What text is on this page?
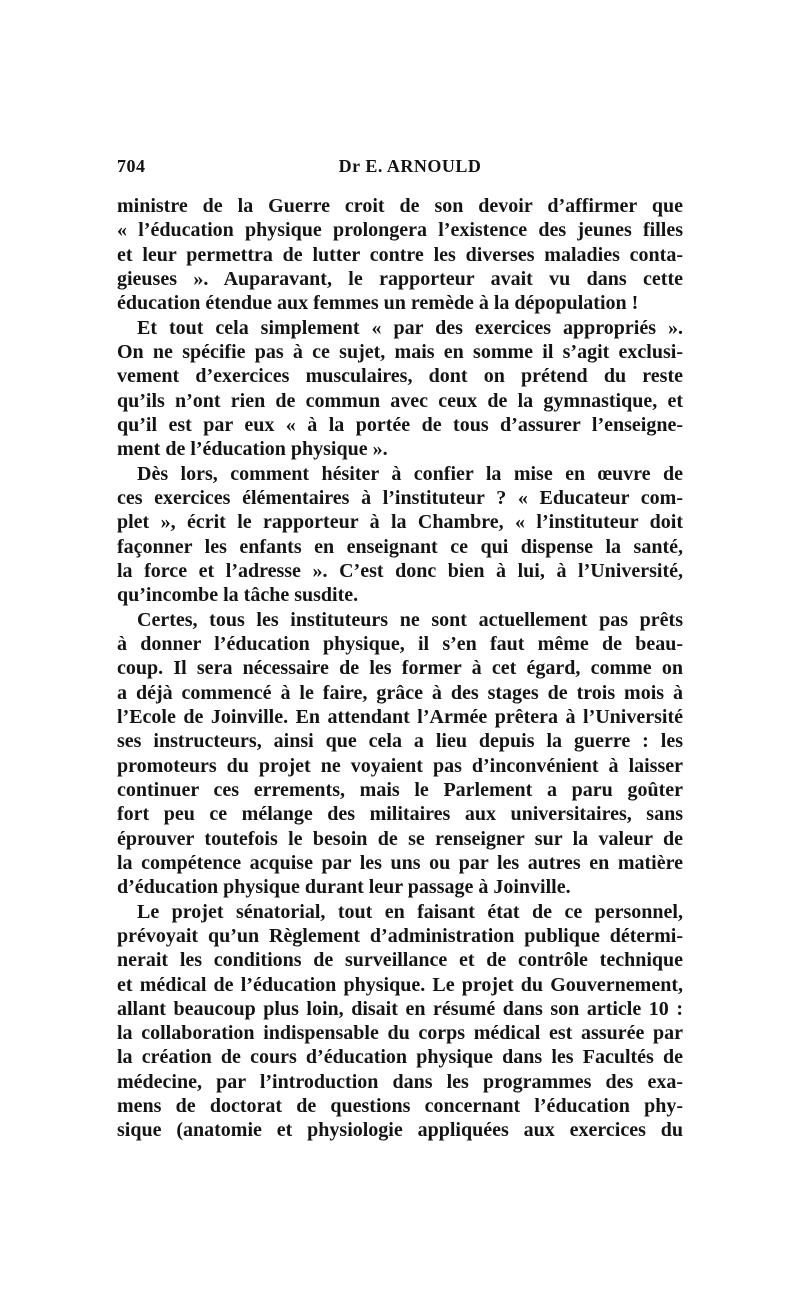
704	Dr E. ARNOULD
ministre de la Guerre croit de son devoir d’affirmer que
« l’éducation physique prolongera l’existence des jeunes filles
et leur permettra de lutter contre les diverses maladies conta-
gieuses ». Auparavant, le rapporteur avait vu dans cette
éducation étendue aux femmes un remède à la dépopulation !
Et tout cela simplement « par des exercices appropriés ».
On ne spécifie pas à ce sujet, mais en somme il s’agit exclusi-
vement d’exercices musculaires, dont on prétend du reste
qu’ils n’ont rien de commun avec ceux de la gymnastique, et
qu’il est par eux « à la portée de tous d’assurer l’enseigne-
ment de l’éducation physique ».
Dès lors, comment hésiter à confier la mise en œuvre de
ces exercices élémentaires à l’instituteur ? « Educateur com-
plet », écrit le rapporteur à la Chambre, « l’instituteur doit
façonner les enfants en enseignant ce qui dispense la santé,
la force et l’adresse ». C’est donc bien à lui, à l’Université,
qu’incombe la tâche susdite.
Certes, tous les instituteurs ne sont actuellement pas prêts
à donner l’éducation physique, il s’en faut même de beau-
coup. Il sera nécessaire de les former à cet égard, comme on
a déjà commencé à le faire, grâce à des stages de trois mois à
l’Ecole de Joinville. En attendant l’Armée prêtera à l’Université
ses instructeurs, ainsi que cela a lieu depuis la guerre : les
promoteurs du projet ne voyaient pas d’inconvénient à laisser
continuer ces errements, mais le Parlement a paru goûter
fort peu ce mélange des militaires aux universitaires, sans
éprouver toutefois le besoin de se renseigner sur la valeur de
la compétence acquise par les uns ou par les autres en matière
d’éducation physique durant leur passage à Joinville.
Le projet sénatorial, tout en faisant état de ce personnel,
prévoyait qu’un Règlement d’administration publique détermi-
nerait les conditions de surveillance et de contrôle technique
et médical de l’éducation physique. Le projet du Gouvernement,
allant beaucoup plus loin, disait en résumé dans son article 10 :
la collaboration indispensable du corps médical est assurée par
la création de cours d’éducation physique dans les Facultés de
médecine, par l’introduction dans les programmes des exa-
mens de doctorat de questions concernant l’éducation phy-
sique (anatomie et physiologie appliquées aux exercices du
